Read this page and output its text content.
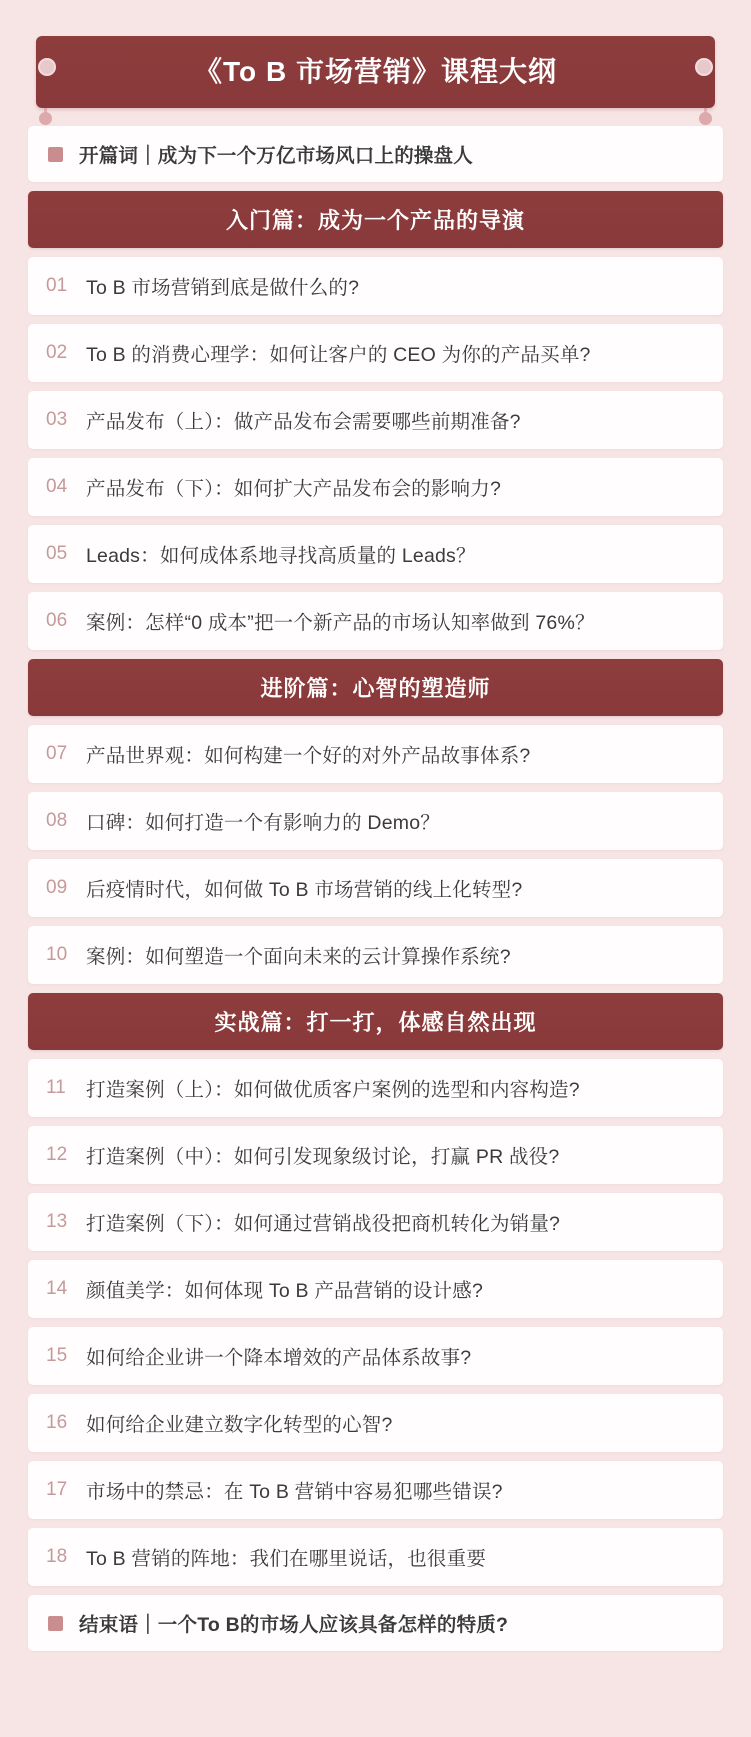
《To B 市场营销》课程大纲
开篇词｜成为下一个万亿市场风口上的操盘人
入门篇：成为一个产品的导演
01 To B 市场营销到底是做什么的?
02 To B 的消费心理学：如何让客户的 CEO 为你的产品买单?
03 产品发布（上）：做产品发布会需要哪些前期准备?
04 产品发布（下）：如何扩大产品发布会的影响力?
05 Leads：如何成体系地寻找高质量的 Leads？
06 案例：怎样“0 成本”把一个新产品的市场认知率做到 76%？
进阶篇：心智的塑造师
07 产品世界观：如何构建一个好的对外产品故事体系?
08 口碑：如何打造一个有影响力的 Demo？
09 后疫情时代，如何做 To B 市场营销的线上化转型?
10 案例：如何塑造一个面向未来的云计算操作系统?
实战篇：打一打，体感自然出现
11	打造案例（上）：如何做优质客户案例的选型和内容构造?
12 打造案例（中）：如何引发现象级讨论，打赢 PR 战役?
13 打造案例（下）：如何通过营销战役把商机转化为销量?
14 颜值美学：如何体现 To B 产品营销的设计感?
15 如何给企业讲一个降本增效的产品体系故事?
16 如何给企业建立数字化转型的心智?
17 市场中的禁忌：在 To B 营销中容易犯哪些错误?
18 To B 营销的阵地：我们在哪里说话，也很重要
结束语｜一个To B的市场人应该具备怎样的特质?
